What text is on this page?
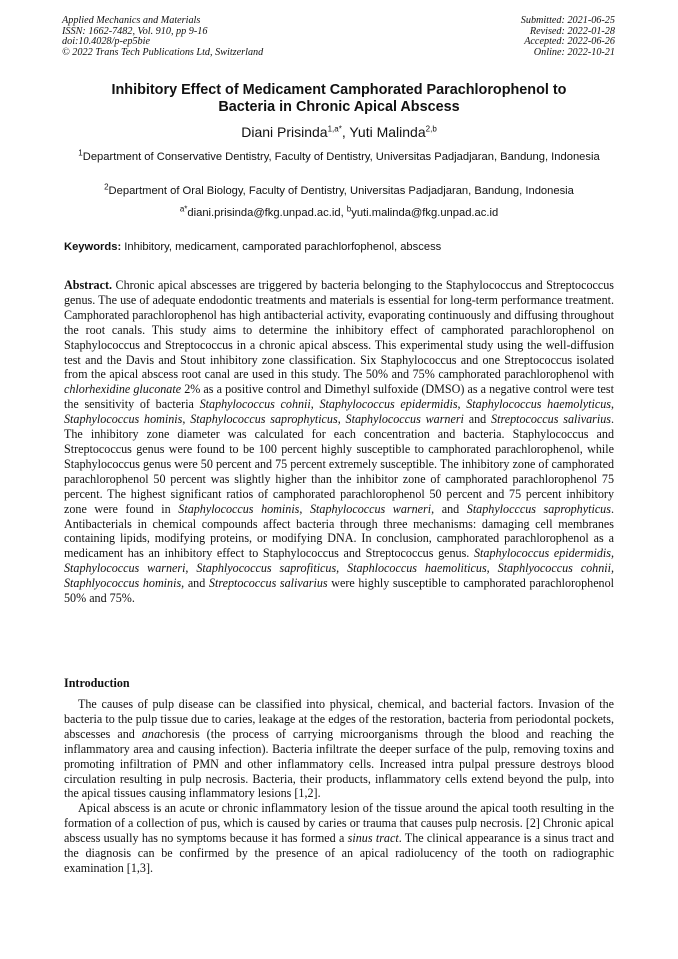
Applied Mechanics and Materials
ISSN: 1662-7482, Vol. 910, pp 9-16
doi:10.4028/p-ep5bie
© 2022 Trans Tech Publications Ltd, Switzerland
Submitted: 2021-06-25
Revised: 2022-01-28
Accepted: 2022-06-26
Online: 2022-10-21
Inhibitory Effect of Medicament Camphorated Parachlorophenol to
Bacteria in Chronic Apical Abscess
Diani Prisinda$^{1,a*}$, Yuti Malinda$^{2,b}$
$^1$Department of Conservative Dentistry, Faculty of Dentistry, Universitas Padjadjaran, Bandung, Indonesia
$^2$Department of Oral Biology, Faculty of Dentistry, Universitas Padjadjaran, Bandung, Indonesia
$^{a*}$diani.prisinda@fkg.unpad.ac.id, $^b$yuti.malinda@fkg.unpad.ac.id
Keywords: Inhibitory, medicament, camporated parachlorfophenol, abscess
Abstract. Chronic apical abscesses are triggered by bacteria belonging to the Staphylococcus and Streptococcus genus. The use of adequate endodontic treatments and materials is essential for long-term performance treatment. Camphorated parachlorophenol has high antibacterial activity, evaporating continuously and diffusing throughout the root canals. This study aims to determine the inhibitory effect of camphorated parachlorophenol on Staphylococcus and Streptococcus in a chronic apical abscess. This experimental study using the well-diffusion test and the Davis and Stout inhibitory zone classification. Six Staphylococcus and one Streptococcus isolated from the apical abscess root canal are used in this study. The 50% and 75% camphorated parachlorophenol with chlorhexidine gluconate 2% as a positive control and Dimethyl sulfoxide (DMSO) as a negative control were test the sensitivity of bacteria Staphylococcus cohnii, Staphylococcus epidermidis, Staphylococcus haemolyticus, Staphylococcus hominis, Staphylococcus saprophyticus, Staphylococcus warneri and Streptococcus salivarius. The inhibitory zone diameter was calculated for each concentration and bacteria. Staphylococcus and Streptococcus genus were found to be 100 percent highly susceptible to camphorated parachlorophenol, while Staphylococcus genus were 50 percent and 75 percent extremely susceptible. The inhibitory zone of camphorated parachlorophenol 50 percent was slightly higher than the inhibitor zone of camphorated parachlorophenol 75 percent. The highest significant ratios of camphorated parachlorophenol 50 percent and 75 percent inhibitory zone were found in Staphylococcus hominis, Staphylococcus warneri, and Staphylocccus saprophyticus. Antibacterials in chemical compounds affect bacteria through three mechanisms: damaging cell membranes containing lipids, modifying proteins, or modifying DNA. In conclusion, camphorated parachlorophenol as a medicament has an inhibitory effect to Staphylococcus and Streptococcus genus. Staphylococcus epidermidis, Staphylococcus warneri, Staphlyococcus saprofiticus, Staphlococcus haemoliticus, Staphlyococcus cohnii, Staphlyococcus hominis, and Streptococcus salivarius were highly susceptible to camphorated parachlorophenol 50% and 75%.
Introduction

The causes of pulp disease can be classified into physical, chemical, and bacterial factors. Invasion of the bacteria to the pulp tissue due to caries, leakage at the edges of the restoration, bacteria from periodontal pockets, abscesses and anachoresis (the process of carrying microorganisms through the blood and reaching the inflammatory area and causing infection). Bacteria infiltrate the deeper surface of the pulp, removing toxins and promoting infiltration of PMN and other inflammatory cells. Increased intra pulpal pressure destroys blood circulation resulting in pulp necrosis. Bacteria, their products, inflammatory cells extend beyond the pulp, into the apical tissues causing inflammatory lesions [1,2].

Apical abscess is an acute or chronic inflammatory lesion of the tissue around the apical tooth resulting in the formation of a collection of pus, which is caused by caries or trauma that causes pulp necrosis. [2] Chronic apical abscess usually has no symptoms because it has formed a sinus tract. The clinical appearance is a sinus tract and the diagnosis can be confirmed by the presence of an apical radiolucency of the tooth on radiographic examination [1,3].
